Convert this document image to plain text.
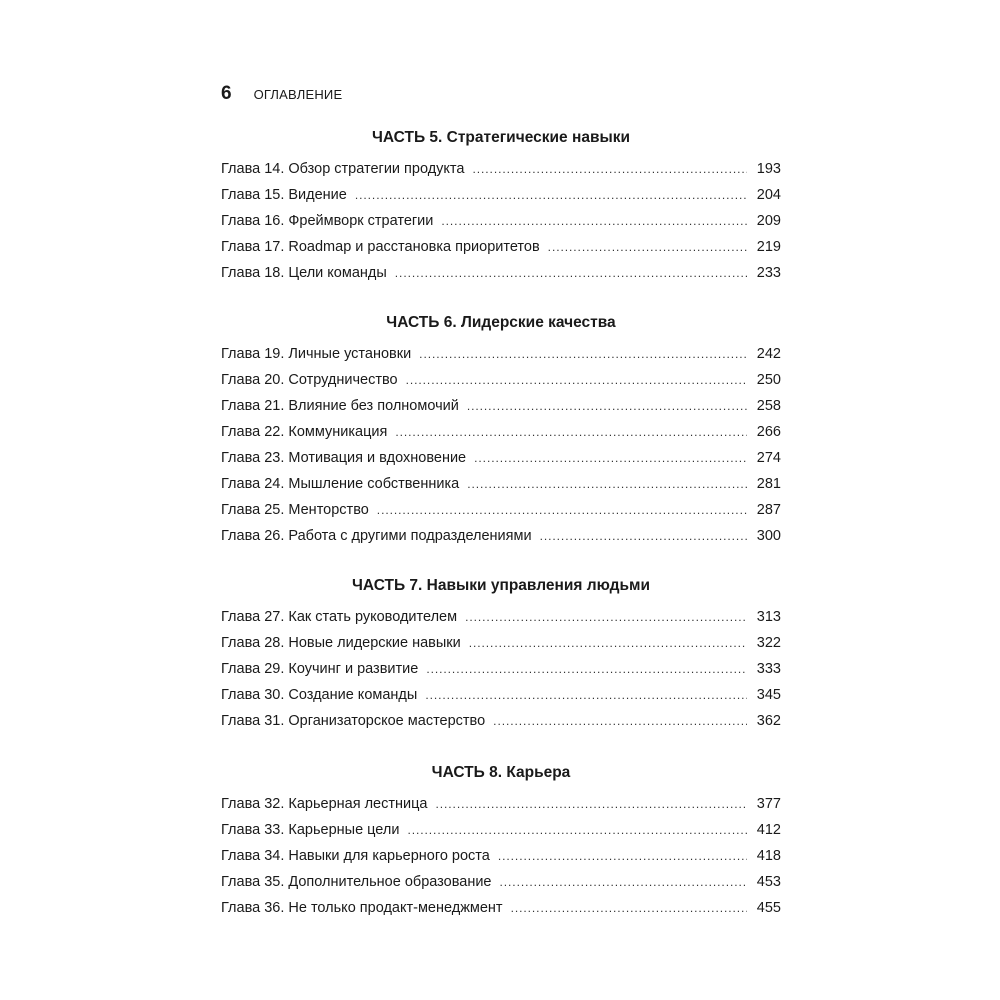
6 ОГЛАВЛЕНИЕ
ЧАСТЬ 5. Стратегические навыки
Глава 14. Обзор стратегии продукта . . .	193
Глава 15. Видение . . .	204
Глава 16. Фреймворк стратегии . . .	209
Глава 17. Roadmap и расстановка приоритетов . . .	219
Глава 18. Цели команды . . .	233
ЧАСТЬ 6. Лидерские качества
Глава 19. Личные установки . . .	242
Глава 20. Сотрудничество . . .	250
Глава 21. Влияние без полномочий . . .	258
Глава 22. Коммуникация . . .	266
Глава 23. Мотивация и вдохновение . . .	274
Глава 24. Мышление собственника . . .	281
Глава 25. Менторство . . .	287
Глава 26. Работа с другими подразделениями . . .	300
ЧАСТЬ 7. Навыки управления людьми
Глава 27. Как стать руководителем . . .	313
Глава 28. Новые лидерские навыки . . .	322
Глава 29. Коучинг и развитие . . .	333
Глава 30. Создание команды . . .	345
Глава 31. Организаторское мастерство . . .	362
ЧАСТЬ 8. Карьера
Глава 32. Карьерная лестница . . .	377
Глава 33. Карьерные цели . . .	412
Глава 34. Навыки для карьерного роста . . .	418
Глава 35. Дополнительное образование . . .	453
Глава 36. Не только продакт-менеджмент . . .	455
